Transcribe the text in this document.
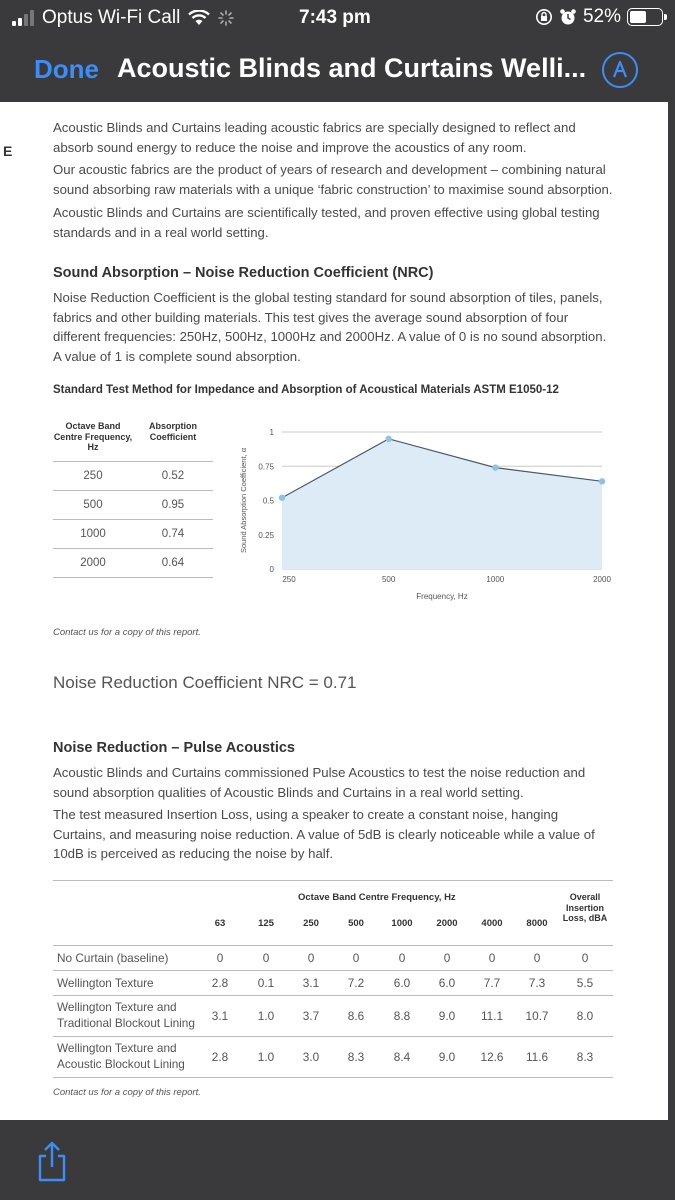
Optus Wi-Fi Call	7:43 pm	52%
Done Acoustic Blinds and Curtains Welli...
E

Acoustic Blinds and Curtains leading acoustic fabrics are specially designed to reflect and absorb sound energy to reduce the noise and improve the acoustics of any room.

Our acoustic fabrics are the product of years of research and development – combining natural sound absorbing raw materials with a unique ‘fabric construction’ to maximise sound absorption.

Acoustic Blinds and Curtains are scientifically tested, and proven effective using global testing standards and in a real world setting.

Sound Absorption – Noise Reduction Coefficient (NRC)

Noise Reduction Coefficient is the global testing standard for sound absorption of tiles, panels, fabrics and other building materials. This test gives the average sound absorption of four different frequencies: 250Hz, 500Hz, 1000Hz and 2000Hz. A value of 0 is no sound absorption. A value of 1 is complete sound absorption.

Standard Test Method for Impedance and Absorption of Acoustical Materials ASTM E1050-12
Octave Band Centre Frequency, Hz
Absorption Coefficient
250	0.52
500	0.95
1000	0.74
2000	0.64
0
0.25
0.5
0.75
1
250	500	1000	2000
Frequency, Hz
Sound Absorption Coefficient, α
Contact us for a copy of this report.
Noise Reduction Coefficient NRC = 0.71
Noise Reduction – Pulse Acoustics

Acoustic Blinds and Curtains commissioned Pulse Acoustics to test the noise reduction and sound absorption qualities of Acoustic Blinds and Curtains in a real world setting.

The test measured Insertion Loss, using a speaker to create a constant noise, hanging Curtains, and measuring noise reduction. A value of 5dB is clearly noticeable while a value of 10dB is perceived as reducing the noise by half.

Octave Band Centre Frequency, Hz	Overall Insertion Loss, dBA
63	125	250	500	1000	2000	4000	8000
No Curtain (baseline)	0	0	0	0	0	0	0	0	0
Wellington Texture	2.8	0.1	3.1	7.2	6.0	6.0	7.7	7.3	5.5
Wellington Texture and Traditional Blockout Lining	3.1	1.0	3.7	8.6	8.8	9.0	11.1	10.7	8.0
Wellington Texture and Acoustic Blockout Lining	2.8	1.0	3.0	8.3	8.4	9.0	12.6	11.6	8.3
Contact us for a copy of this report.
